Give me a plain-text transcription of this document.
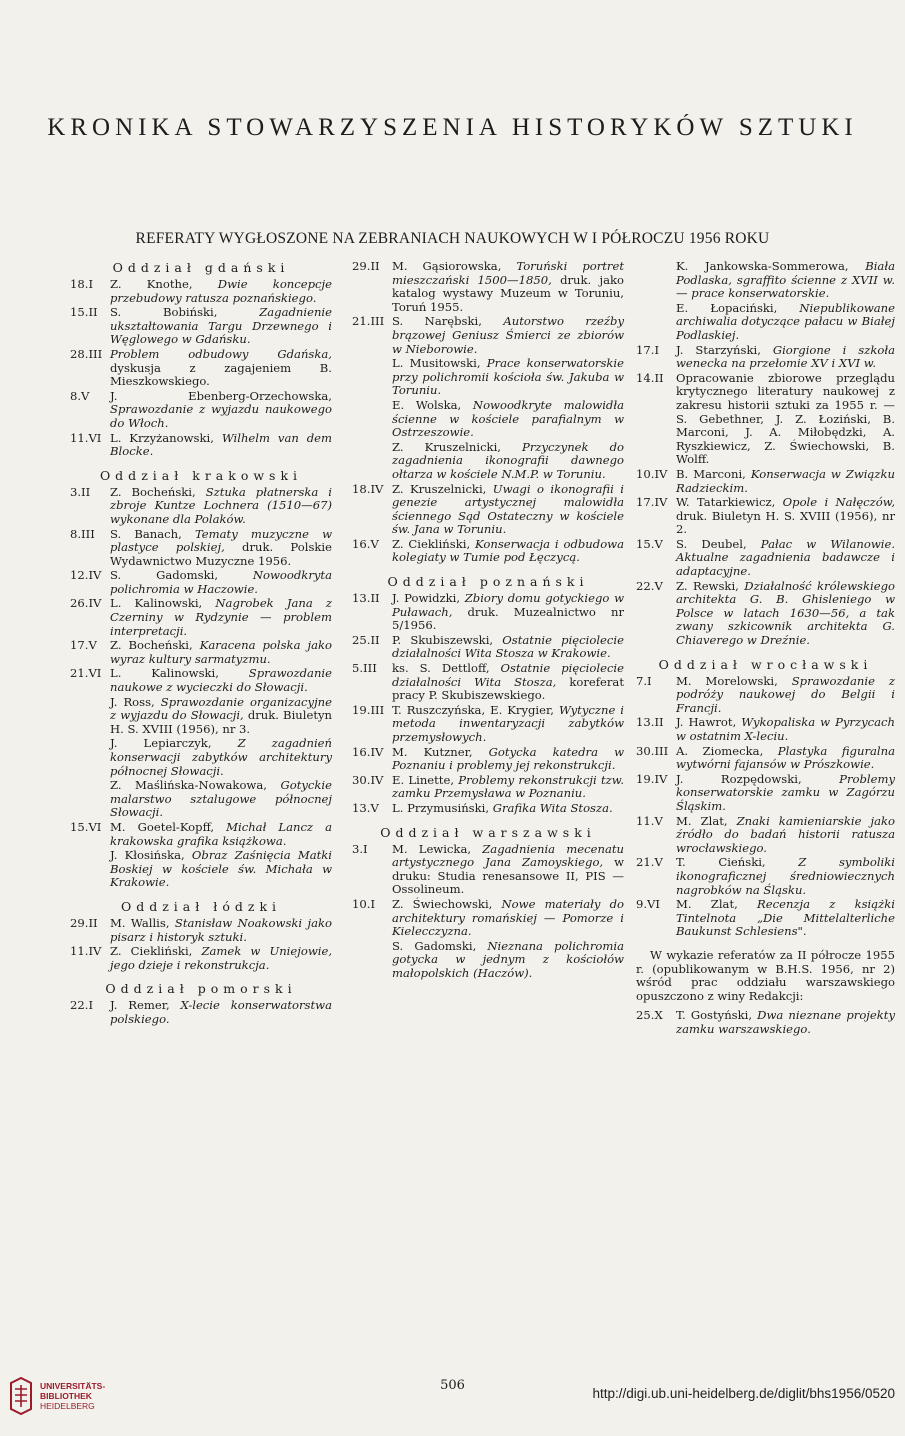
KRONIKA STOWARZYSZENIA HISTORYKÓW SZTUKI
REFERATY WYGŁOSZONE NA ZEBRANIACH NAUKOWYCH W I PÓŁROCZU 1956 ROKU
Oddział gdański
18.I	Z. Knothe, Dwie koncepcje przebudowy ratusza poznańskiego.
15.II	S. Bobiński,	Zagadnienie ukształtowania Targu Drzewnego i Węglowego w Gdańsku.
28.III Problem odbudowy Gdańska, dyskusja z zagajeniem B. Mieszkowskiego.
8.V	J. Ebenberg-Orzechowska, Sprawozdanie z wyjazdu naukowego do Włoch.
11.VI L. Krzyżanowski, Wilhelm van dem Blocke.
Oddział krakowski
3.II	Z. Bocheński, Sztuka płatnerska i zbroje Kuntze Lochnera (1510—67) wykonane dla Polaków.
8.III	S. Banach, Tematy muzyczne w plastyce polskiej, druk. Polskie Wydawnictwo Muzyczne 1956.
12.IV S. Gadomski,	Nowoodkryta polichromia w Haczowie.
26.IV L. Kalinowski, Nagrobek Jana z Czerniny w Rydzynie — problem interpretacji.
17.V	Z. Bocheński, Karacena polska jako wyraz kultury sarmatyzmu.
21.VI L. Kalinowski,	Sprawozdanie naukowe z wycieczki do Słowacji.

J. Ross, Sprawozdanie organizacyjne z wyjazdu do Słowacji, druk. Biuletyn H. S. XVIII (1956), nr 3.

J. Lepiarczyk, Z zagadnień konserwacji zabytków architektury północnej Słowacji.

Z. Maślińska-Nowakowa, Gotyckie malarstwo sztalugowe północnej Słowacji.
15.VI M. Goetel-Kopff, Michał Lancz a krakowska grafika książkowa.

J. Kłosińska, Obraz Zaśnięcia Matki Boskiej w kościele św. Michała w Krakowie.
Oddział łódzki
29.II	M. Wallis, Stanisław Noakowski jako pisarz i historyk sztuki.
11.IV Z. Ciekliński, Zamek w Uniejowie, jego dzieje i rekonstrukcja.
Oddział pomorski
22.I	J. Remer, X-lecie konserwatorstwa polskiego.
29.II	M. Gąsiorowska, Toruński portret mieszczański 1500—1850, druk. jako katalog wystawy Muzeum w Toruniu, Toruń 1955.
21.III S. Narębski, Autorstwo rzeźby brązowej Geniusz Śmierci ze zbiorów w Nieborowie.

L. Musitowski, Prace konserwatorskie przy polichromii kościoła św. Jakuba w Toruniu.

E. Wolska, Nowoodkryte malowidła ścienne w kościele parafialnym w Ostrzeszowie.

Z. Kruszelnicki, Przyczynek do zagadnienia ikonografii dawnego ołtarza w kościele N.M.P. w Toruniu.
18.IV Z. Kruszelnicki, Uwagi o ikonografii i genezie artystycznej malowidła ściennego Sąd Ostateczny w kościele św. Jana w Toruniu.
16.V	Z. Ciekliński, Konserwacja i odbudowa kolegiaty w Tumie pod Łęczycą.
Oddział poznański
13.II	J. Powidzki, Zbiory domu gotyckiego w Puławach, druk. Muzealnictwo nr 5/1956.
25.II	P. Skubiszewski, Ostatnie pięciolecie działalności Wita Stosza w Krakowie.
5.III	ks. S. Dettloff, Ostatnie pięciolecie działalności Wita Stosza, koreferat pracy P. Skubiszewskiego.
19.III T. Ruszczyńska, E. Krygier, Wytyczne i metoda inwentaryzacji zabytków przemysłowych.
16.IV M. Kutzner, Gotycka katedra w Poznaniu i problemy jej rekonstrukcji.
30.IV E. Linette, Problemy rekonstrukcji tzw. zamku Przemysława w Poznaniu.
13.V	L. Przymusiński, Grafika Wita Stosza.
Oddział warszawski
3.I	M. Lewicka, Zagadnienia mecenatu artystycznego Jana Zamoyskiego, w druku: Studia renesansowe II, PIS — Ossolineum.
10.I	Z. Świechowski, Nowe materiały do architektury romańskiej — Pomorze i Kielecczyzna.

S. Gadomski, Nieznana polichromia gotycka w jednym z kościołów małopolskich (Haczów).

K. Jankowska-Sommerowa, Biała Podlaska, sgraffito ścienne z XVII w. — prace konserwatorskie.

E. Łopaciński, Niepublikowane archiwalia dotyczące pałacu w Białej Podlaskiej.
17.I	J. Starzyński, Giorgione i szkoła wenecka na przełomie XV i XVI w.
14.II	Opracowanie zbiorowe przeglądu krytycznego literatury naukowej z zakresu historii sztuki za 1955 r. — S. Gebethner, J. Z. Łoziński, B. Marconi, J. A. Miłobędzki, A. Ryszkiewicz, Z. Świechowski, B. Wolff.
10.IV B. Marconi, Konserwacja w Związku Radzieckim.
17.IV W. Tatarkiewicz, Opole i Nałęczów, druk. Biuletyn H. S. XVIII (1956), nr 2.
15.V	S. Deubel, Pałac w Wilanowie. Aktualne zagadnienia badawcze i adaptacyjne.
22.V	Z. Rewski, Działalność królewskiego architekta G. B. Ghisleniego w Polsce w latach 1630—56, a tak zwany szkicownik architekta G. Chiaverego w Dreźnie.
Oddział wrocławski
7.I	M. Morelowski, Sprawozdanie z podróży naukowej do Belgii i Francji.
13.II	J. Hawrot, Wykopaliska w Pyrzycach w ostatnim X-leciu.
30.III A. Ziomecka, Plastyka figuralna wytwórni fajansów w Prószkowie.
19.IV J. Rozpędowski,	Problemy konserwatorskie zamku w Zagórzu Śląskim.
11.V	M. Zlat, Znaki kamieniarskie jako źródło do badań historii ratusza wrocławskiego.
21.V	T. Cieński,	Z symboliki ikonograficznej średniowiecznych nagrobków na Śląsku.
9.VI	M. Zlat, Recenzja z książki Tintelnota „Die Mittelalterliche Baukunst Schlesiens".
W wykazie referatów za II półrocze 1955 r. (opublikowanym w B.H.S. 1956, nr 2) wśród prac oddziału warszawskiego opuszczono z winy Redakcji:
25.X	T. Gostyński, Dwa nieznane projekty zamku warszawskiego.
506
UNIVERSITÄTS-
BIBLIOTHEK
HEIDELBERG
http://digi.ub.uni-heidelberg.de/diglit/bhs1956/0520
